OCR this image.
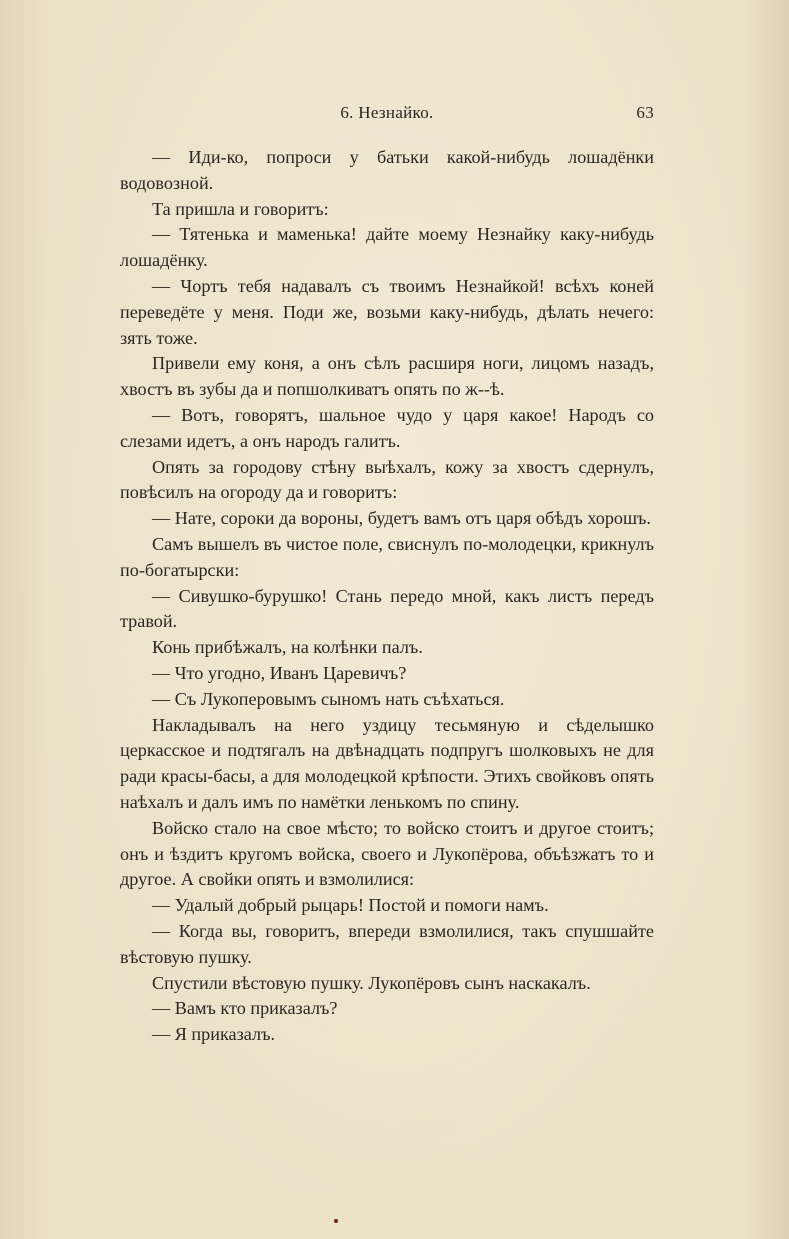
6. Незнайко.	63

— Иди-ко, попроси у батьки какой-нибудь лошадёнки водовозной.

Та пришла и говоритъ:

— Тятенька и маменька! дайте моему Незнайку каку-нибудь лошадёнку.

— Чортъ тебя надавалъ съ твоимъ Незнайкой! всѣхъ коней переведёте у меня. Поди же, возьми каку-нибудь, дѣлать нечего: зять тоже.

Привели ему коня, а онъ сѣлъ расширя ноги, лицомъ назадъ, хвостъ въ зубы да и попшолкиватъ опять по ж--ѣ.

— Вотъ, говорятъ, шальное чудо у царя какое! Народъ со слезами идетъ, а онъ народъ галитъ.

Опять за городову стѣну выѣхалъ, кожу за хвостъ сдернулъ, повѣсилъ на огороду да и говоритъ:

— Нате, сороки да вороны, будетъ вамъ отъ царя обѣдъ хорошъ.

Самъ вышелъ въ чистое поле, свиснулъ по-молодецки, крикнулъ по-богатырски:

— Сивушко-бурушко! Стань передо мной, какъ листъ передъ травой.

Конь прибѣжалъ, на колѣнки палъ.

— Что угодно, Иванъ Царевичъ?

— Съ Лукоперовымъ сыномъ нать съѣхаться.

Накладывалъ на него уздицу тесьмяную и сѣделышко церкасское и подтягалъ на двѣнадцать подпругъ шолковыхъ не для ради красы-басы, а для молодецкой крѣпости. Этихъ свойковъ опять наѣхалъ и далъ имъ по намётки ленькомъ по спину.

Войско стало на свое мѣсто; то войско стоитъ и другое стоитъ; онъ и ѣздитъ кругомъ войска, своего и Лукопёрова, объѣзжатъ то и другое. А свойки опять и взмолилися:

— Удалый добрый рыцарь! Постой и помоги намъ.

— Когда вы, говоритъ, впереди взмолилися, такъ спушшайте вѣстовую пушку.

Спустили вѣстовую пушку. Лукопёровъ сынъ наскакалъ.

— Вамъ кто приказалъ?

— Я приказалъ.
